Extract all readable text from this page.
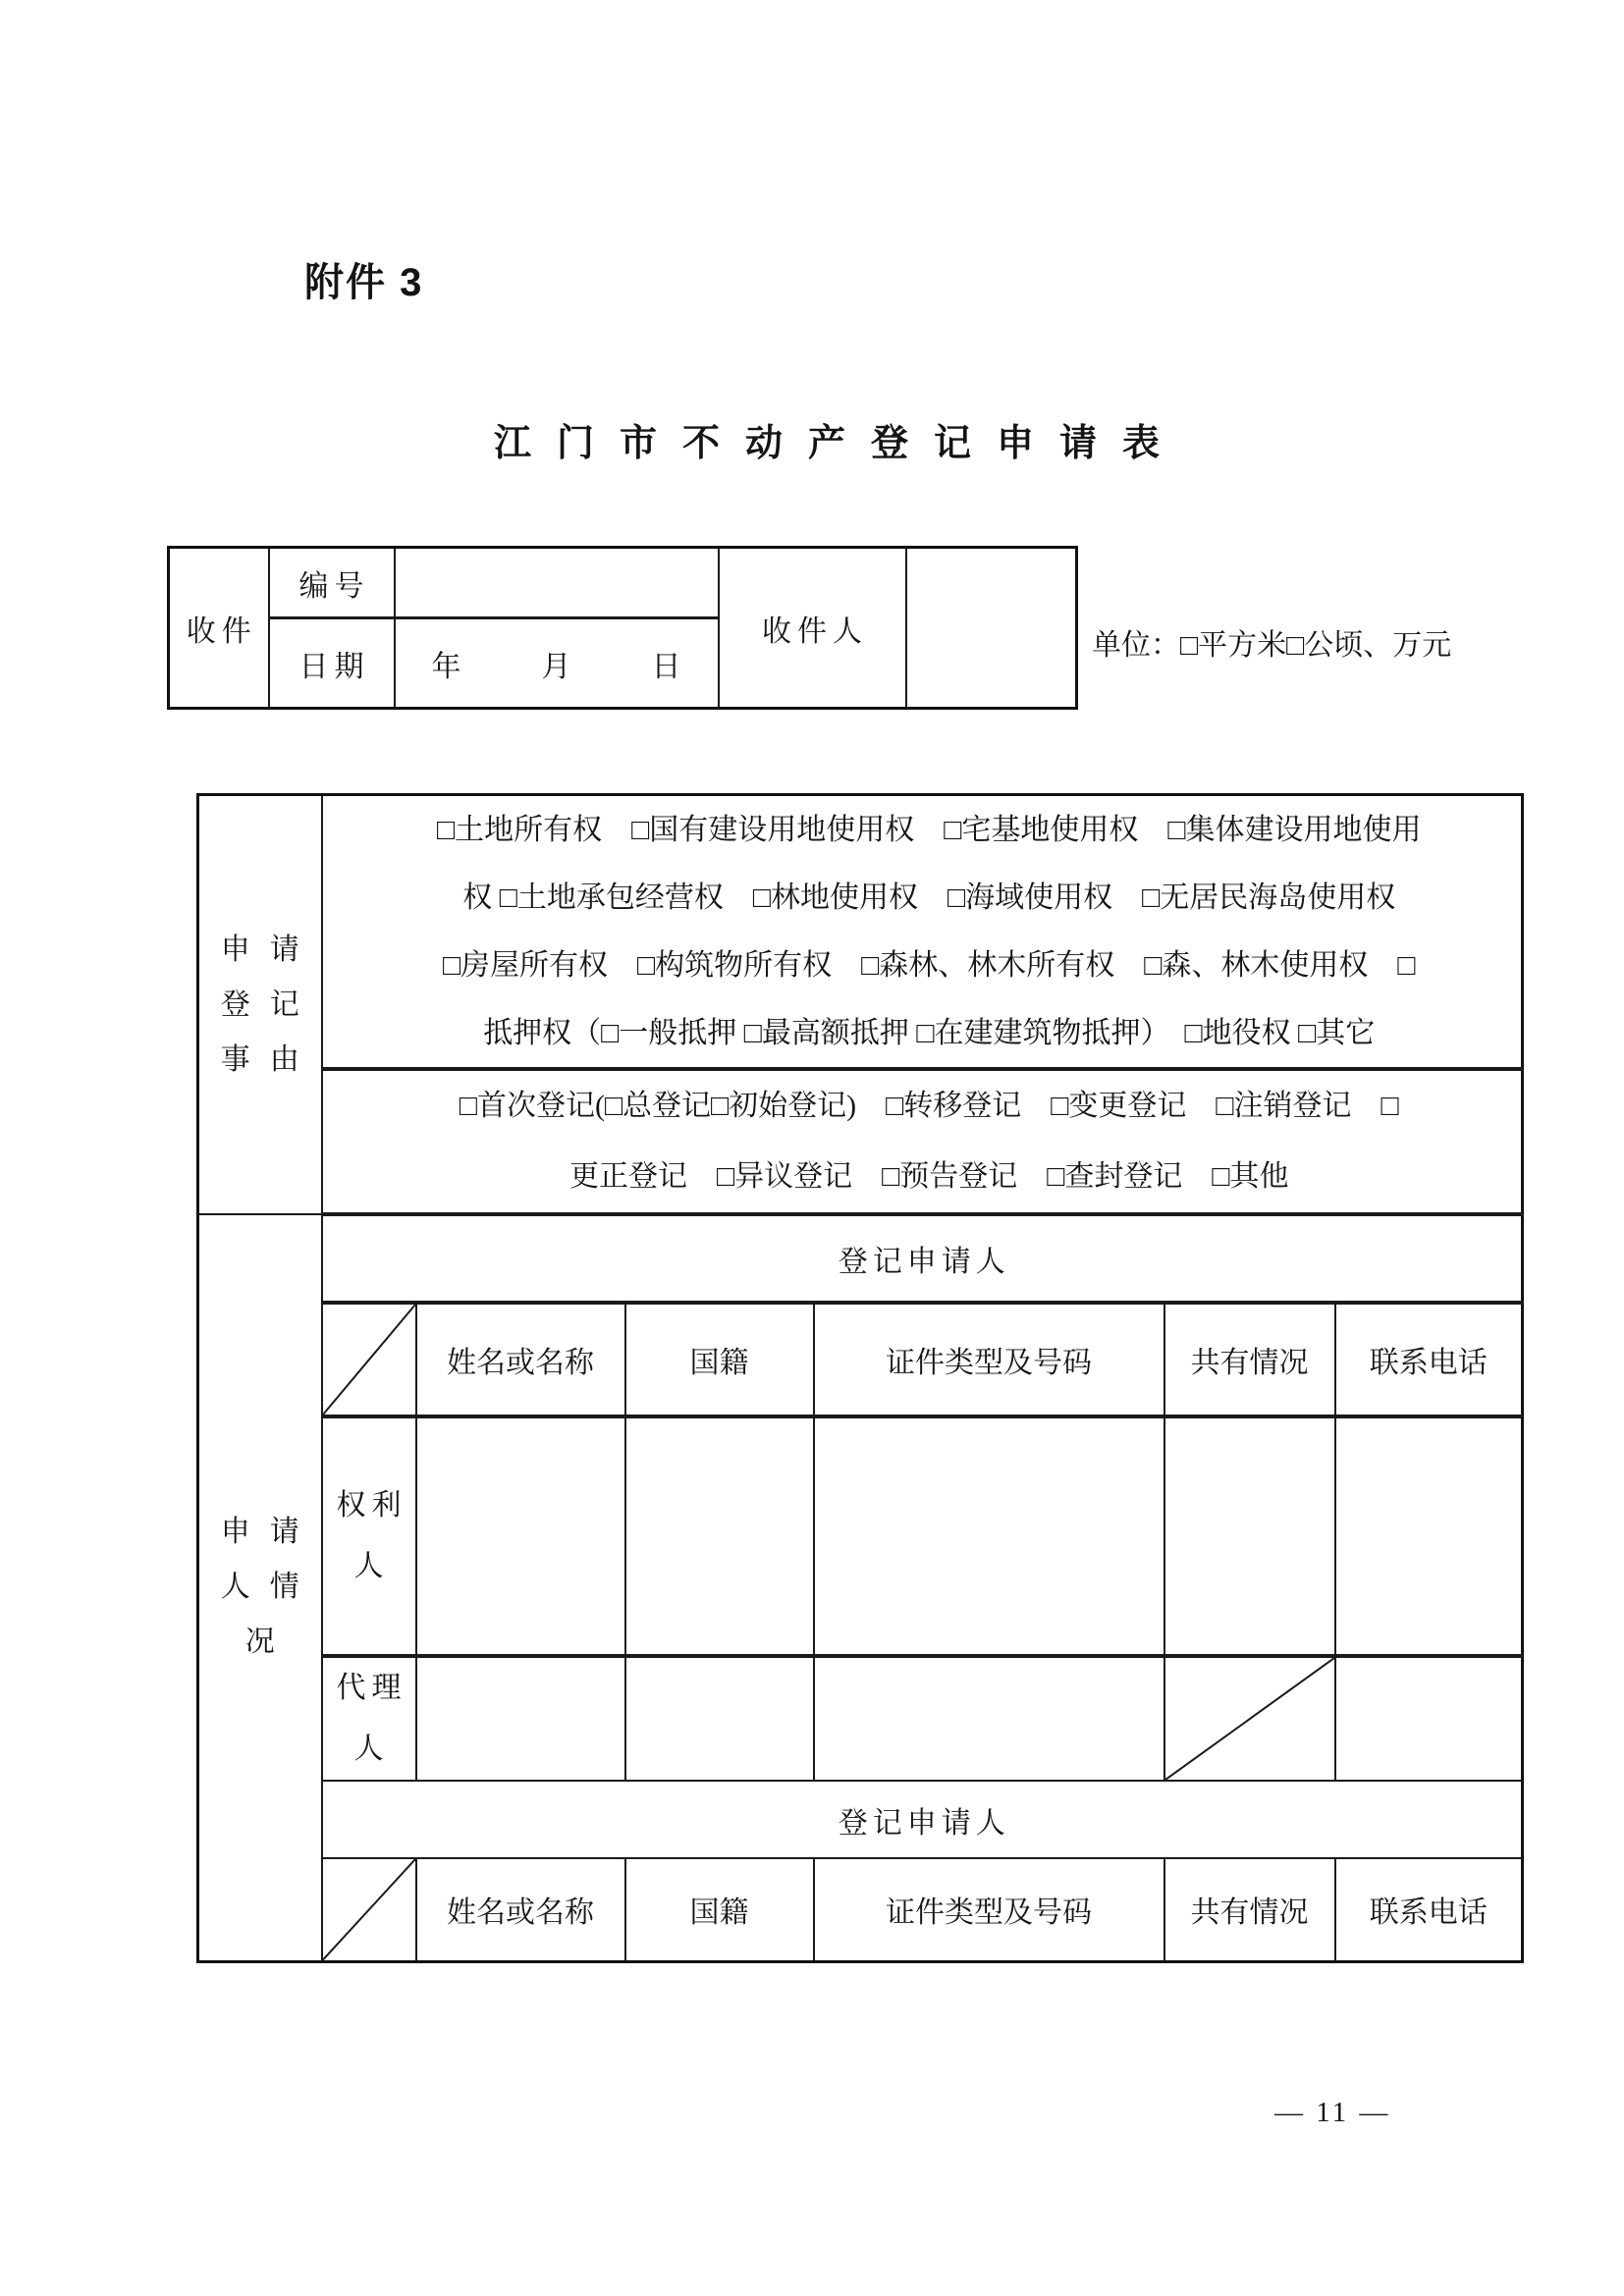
附件 3
江门市不动产登记申请表
收件	编号		收件人	
	日期	年　月　日		
单位：□平方米□公顷、万元
申请
登记
事由

□土地所有权　□国有建设用地使用权　□宅基地使用权　□集体建设用地使用
权 □土地承包经营权　□林地使用权　□海域使用权　□无居民海岛使用权
□房屋所有权　□构筑物所有权　□森林、林木所有权　□森、林木使用权　□
抵押权（□一般抵押 □最高额抵押 □在建建筑物抵押）　□地役权 □其它

	□首次登记(□总登记□初始登记)　□转移登记　□变更登记　□注销登记　□
更正登记　□异议登记　□预告登记　□查封登记　□其他					

申请
人情
况	登记申请人					

	姓名或名称	国籍	证件类型及号码	共有情况	联系电话

	权利
人					

	代理
人

	登记申请人					

	姓名或名称	国籍	证件类型及号码	共有情况	联系电话
— 11 —
